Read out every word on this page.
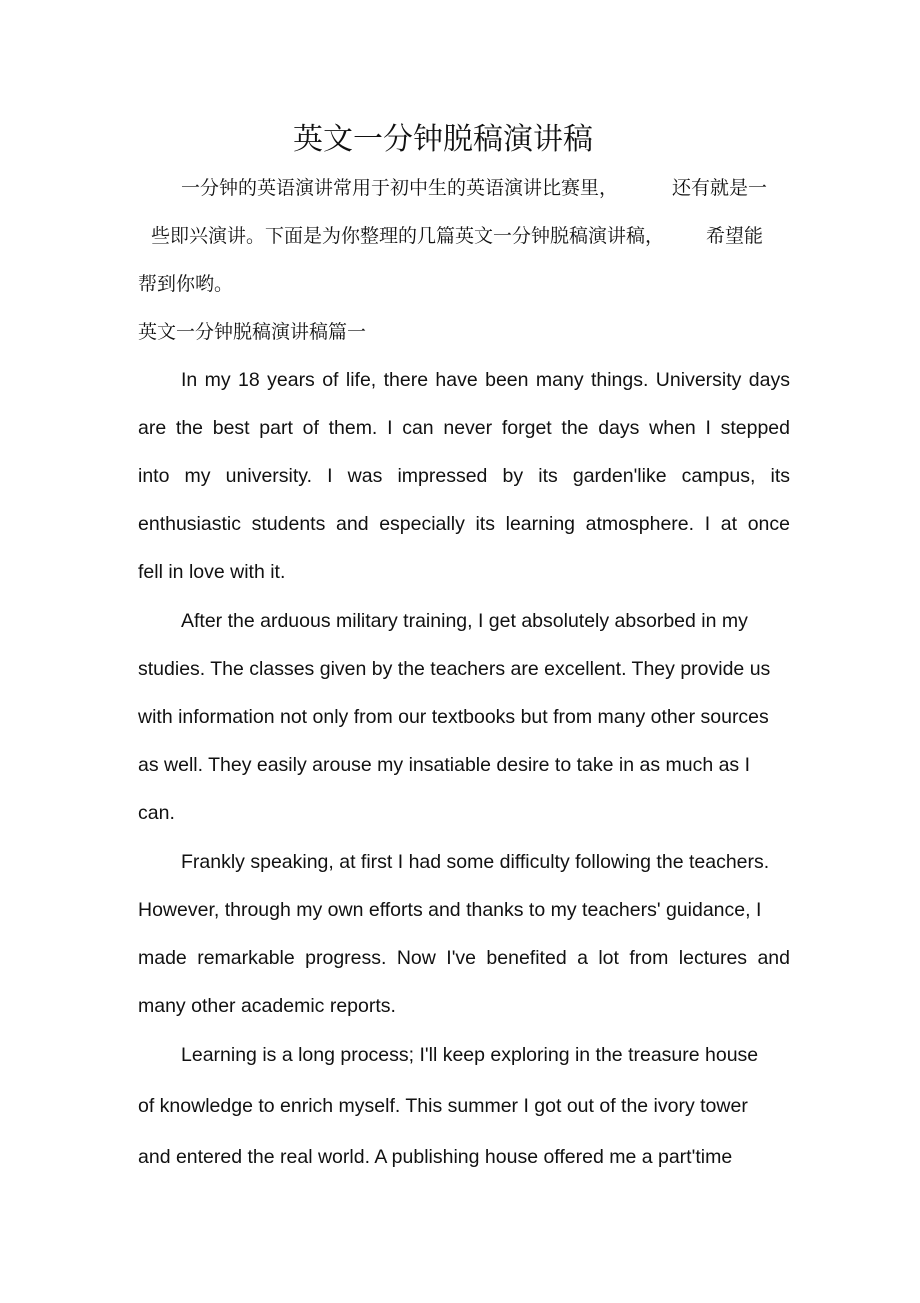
英文一分钟脱稿演讲稿
一分钟的英语演讲常用于初中生的英语演讲比赛里，	还有就是一
些即兴演讲。下面是为你整理的几篇英文一分钟脱稿演讲稿， 希望能
帮到你哟。
英文一分钟脱稿演讲稿篇一
In my 18 years of life, there have been many things. University days
are the best part of them. I can never forget the days when I stepped
into my university. I was impressed by its garden'like campus, its
enthusiastic students and especially its learning atmosphere. I at once
fell in love with it.
After the arduous military training, I get absolutely absorbed in my
studies. The classes given by the teachers are excellent. They provide us
with information not only from our textbooks but from many other sources
as well. They easily arouse my insatiable desire to take in as much as I
can.
Frankly speaking, at first I had some difficulty following the teachers.
However, through my own efforts and thanks to my teachers' guidance, I
made remarkable progress. Now I've benefited a lot from lectures and
many other academic reports.
Learning is a long process; I'll keep exploring in the treasure house
of knowledge to enrich myself. This summer I got out of the ivory tower
and entered the real world. A publishing house offered me a part'time
